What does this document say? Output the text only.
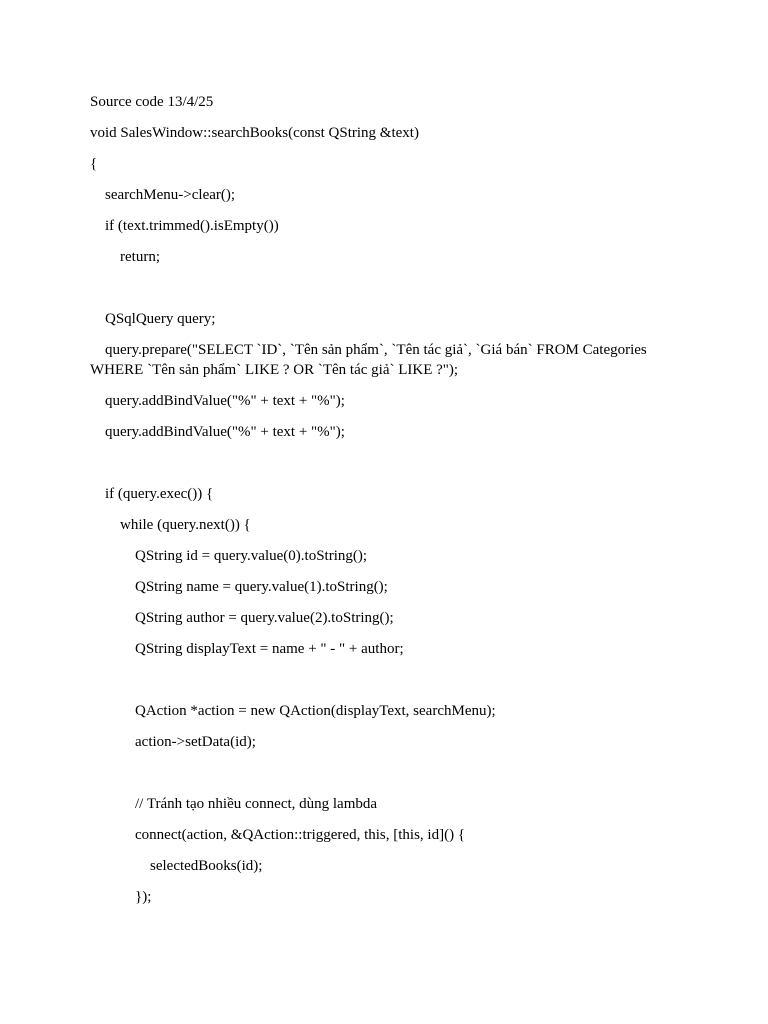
Source code 13/4/25
void SalesWindow::searchBooks(const QString &text)
{
searchMenu->clear();
if (text.trimmed().isEmpty())
return;
QSqlQuery query;
query.prepare("SELECT `ID`, `Tên sản phẩm`, `Tên tác giả`, `Giá bán` FROM Categories WHERE `Tên sản phẩm` LIKE ? OR `Tên tác giả` LIKE ?");
query.addBindValue("%" + text + "%");
query.addBindValue("%" + text + "%");
if (query.exec()) {
while (query.next()) {
QString id = query.value(0).toString();
QString name = query.value(1).toString();
QString author = query.value(2).toString();
QString displayText = name + " - " + author;
QAction *action = new QAction(displayText, searchMenu);
action->setData(id);
// Tránh tạo nhiều connect, dùng lambda
connect(action, &QAction::triggered, this, [this, id]() {
selectedBooks(id);
});
